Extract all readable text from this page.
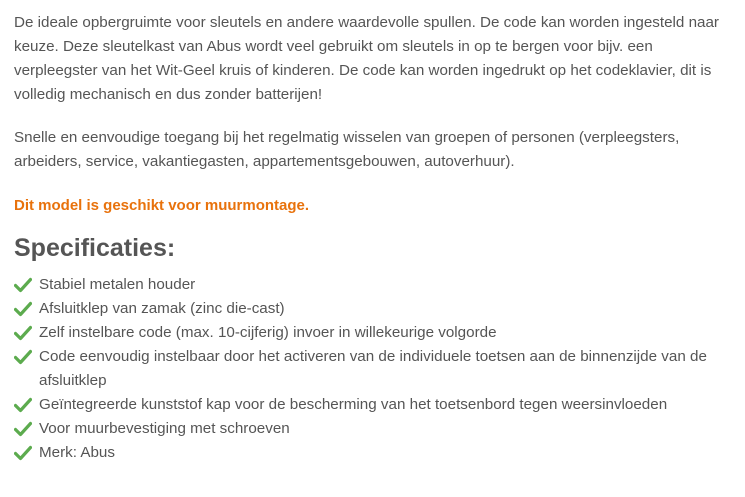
De ideale opbergruimte voor sleutels en andere waardevolle spullen. De code kan worden ingesteld naar keuze. Deze sleutelkast van Abus wordt veel gebruikt om sleutels in op te bergen voor bijv. een verpleegster van het Wit-Geel kruis of kinderen. De code kan worden ingedrukt op het codeklavier, dit is volledig mechanisch en dus zonder batterijen!

Snelle en eenvoudige toegang bij het regelmatig wisselen van groepen of personen (verpleegsters, arbeiders, service, vakantiegasten, appartementsgebouwen, autoverhuur).

Dit model is geschikt voor muurmontage.

Specificaties:
Stabiel metalen houder
Afsluitklep van zamak (zinc die-cast)
Zelf instelbare code (max. 10-cijferig) invoer in willekeurige volgorde
Code eenvoudig instelbaar door het activeren van de individuele toetsen aan de binnenzijde van de afsluitklep
Geïntegreerde kunststof kap voor de bescherming van het toetsenbord tegen weersinvloeden
Voor muurbevestiging met schroeven
Merk: Abus
